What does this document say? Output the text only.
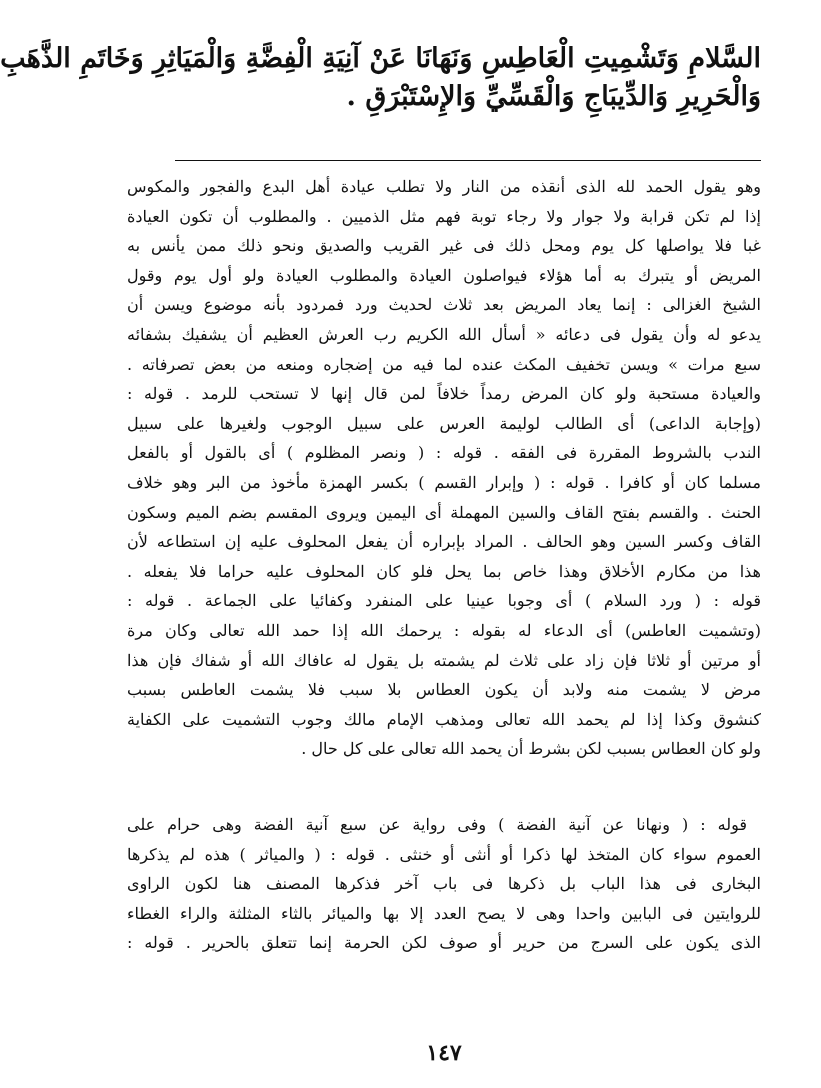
السَّلامِ وَتَشْمِيتِ الْعَاطِسِ وَنَهَانَا عَنْ آنِيَةِ الْفِضَّةِ وَالْمَيَاثِرِ وَخَاتَمِ الذَّهَبِ
وَالْحَرِيرِ وَالدِّيبَاجِ وَالْقَسِّيِّ وَالإِسْتَبْرَقِ .
وهو يقول الحمد لله الذى أنقذه من النار ولا تطلب عيادة أهل البدع والفجور والمكوس
إذا لم تكن قرابة ولا جوار ولا رجاء توبة فهم مثل الذميين . والمطلوب أن تكون العيادة
غبا فلا يواصلها كل يوم ومحل ذلك فى غير القريب والصديق ونحو ذلك ممن يأنس به
المريض أو يتبرك به أما هؤلاء فيواصلون العيادة والمطلوب العيادة ولو أول يوم وقول
الشيخ الغزالى : إنما يعاد المريض بعد ثلاث لحديث ورد فمردود بأنه موضوع ويسن أن
يدعو له وأن يقول فى دعائه « أسأل الله الكريم رب العرش العظيم أن يشفيك بشفائه
سبع مرات » ويسن تخفيف المكث عنده لما فيه من إضجاره ومنعه من بعض تصرفاته .
والعيادة مستحبة ولو كان المرض رمداً خلافاً لمن قال إنها لا تستحب للرمد . قوله :
(وإجابة الداعى) أى الطالب لوليمة العرس على سبيل الوجوب ولغيرها على سبيل
الندب بالشروط المقررة فى الفقه . قوله : ( ونصر المظلوم ) أى بالقول أو بالفعل
مسلما كان أو كافرا . قوله : ( وإبرار القسم ) بكسر الهمزة مأخوذ من البر وهو خلاف
الحنث . والقسم بفتح القاف والسين المهملة أى اليمين ويروى المقسم بضم الميم وسكون
القاف وكسر السين وهو الحالف . المراد بإبراره أن يفعل المحلوف عليه إن استطاعه لأن
هذا من مكارم الأخلاق وهذا خاص بما يحل فلو كان المحلوف عليه حراما فلا يفعله .
قوله : ( ورد السلام ) أى وجوبا عينيا على المنفرد وكفائيا على الجماعة . قوله :
(وتشميت العاطس) أى الدعاء له بقوله : يرحمك الله إذا حمد الله تعالى وكان مرة
أو مرتين أو ثلاثا فإن زاد على ثلاث لم يشمته بل يقول له عافاك الله أو شفاك فإن هذا
مرض لا يشمت منه ولابد أن يكون العطاس بلا سبب فلا يشمت العاطس بسبب
كنشوق وكذا إذا لم يحمد الله تعالى ومذهب الإمام مالك وجوب التشميت على الكفاية
ولو كان العطاس بسبب لكن بشرط أن يحمد الله تعالى على كل حال .
قوله : ( ونهانا عن آنية الفضة ) وفى رواية عن سبع آنية الفضة وهى حرام على
العموم سواء كان المتخذ لها ذكرا أو أنثى أو خنثى . قوله : ( والمياثر ) هذه لم يذكرها
البخارى فى هذا الباب بل ذكرها فى باب آخر فذكرها المصنف هنا لكون الراوى
للروايتين فى البابين واحدا وهى لا يصح العدد إلا بها والميائر بالثاء المثلثة والراء الغطاء
الذى يكون على السرج من حرير أو صوف لكن الحرمة إنما تتعلق بالحرير . قوله :
١٤٧
